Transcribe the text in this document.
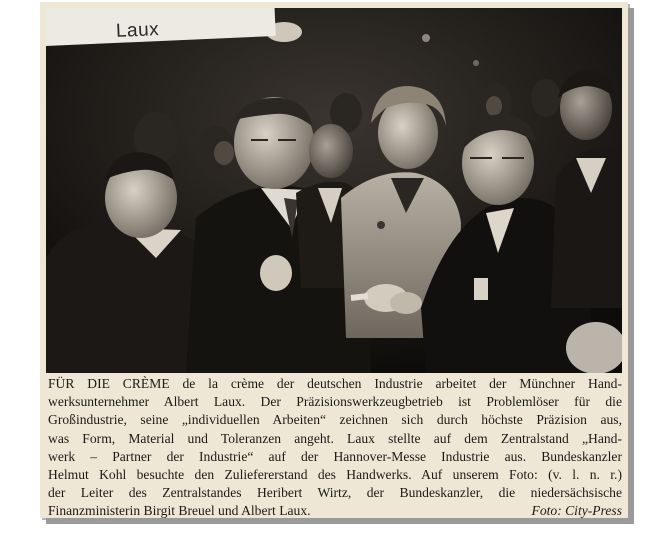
Laux
FÜR DIE CRÈME de la crème der deutschen Industrie arbeitet der Münchner Hand-
werksunternehmer Albert Laux. Der Präzisionswerkzeugbetrieb ist Problemlöser für die
Großindustrie, seine „individuellen Arbeiten“ zeichnen sich durch höchste Präzision aus,
was Form, Material und Toleranzen angeht. Laux stellte auf dem Zentralstand „Hand-
werk – Partner der Industrie“ auf der Hannover-Messe Industrie aus. Bundeskanzler
Helmut Kohl besuchte den Zuliefererstand des Handwerks. Auf unserem Foto: (v. l. n. r.)
der Leiter des Zentralstandes Heribert Wirtz, der Bundeskanzler, die niedersächsische
Finanzministerin Birgit Breuel und Albert Laux.	Foto: City-Press
